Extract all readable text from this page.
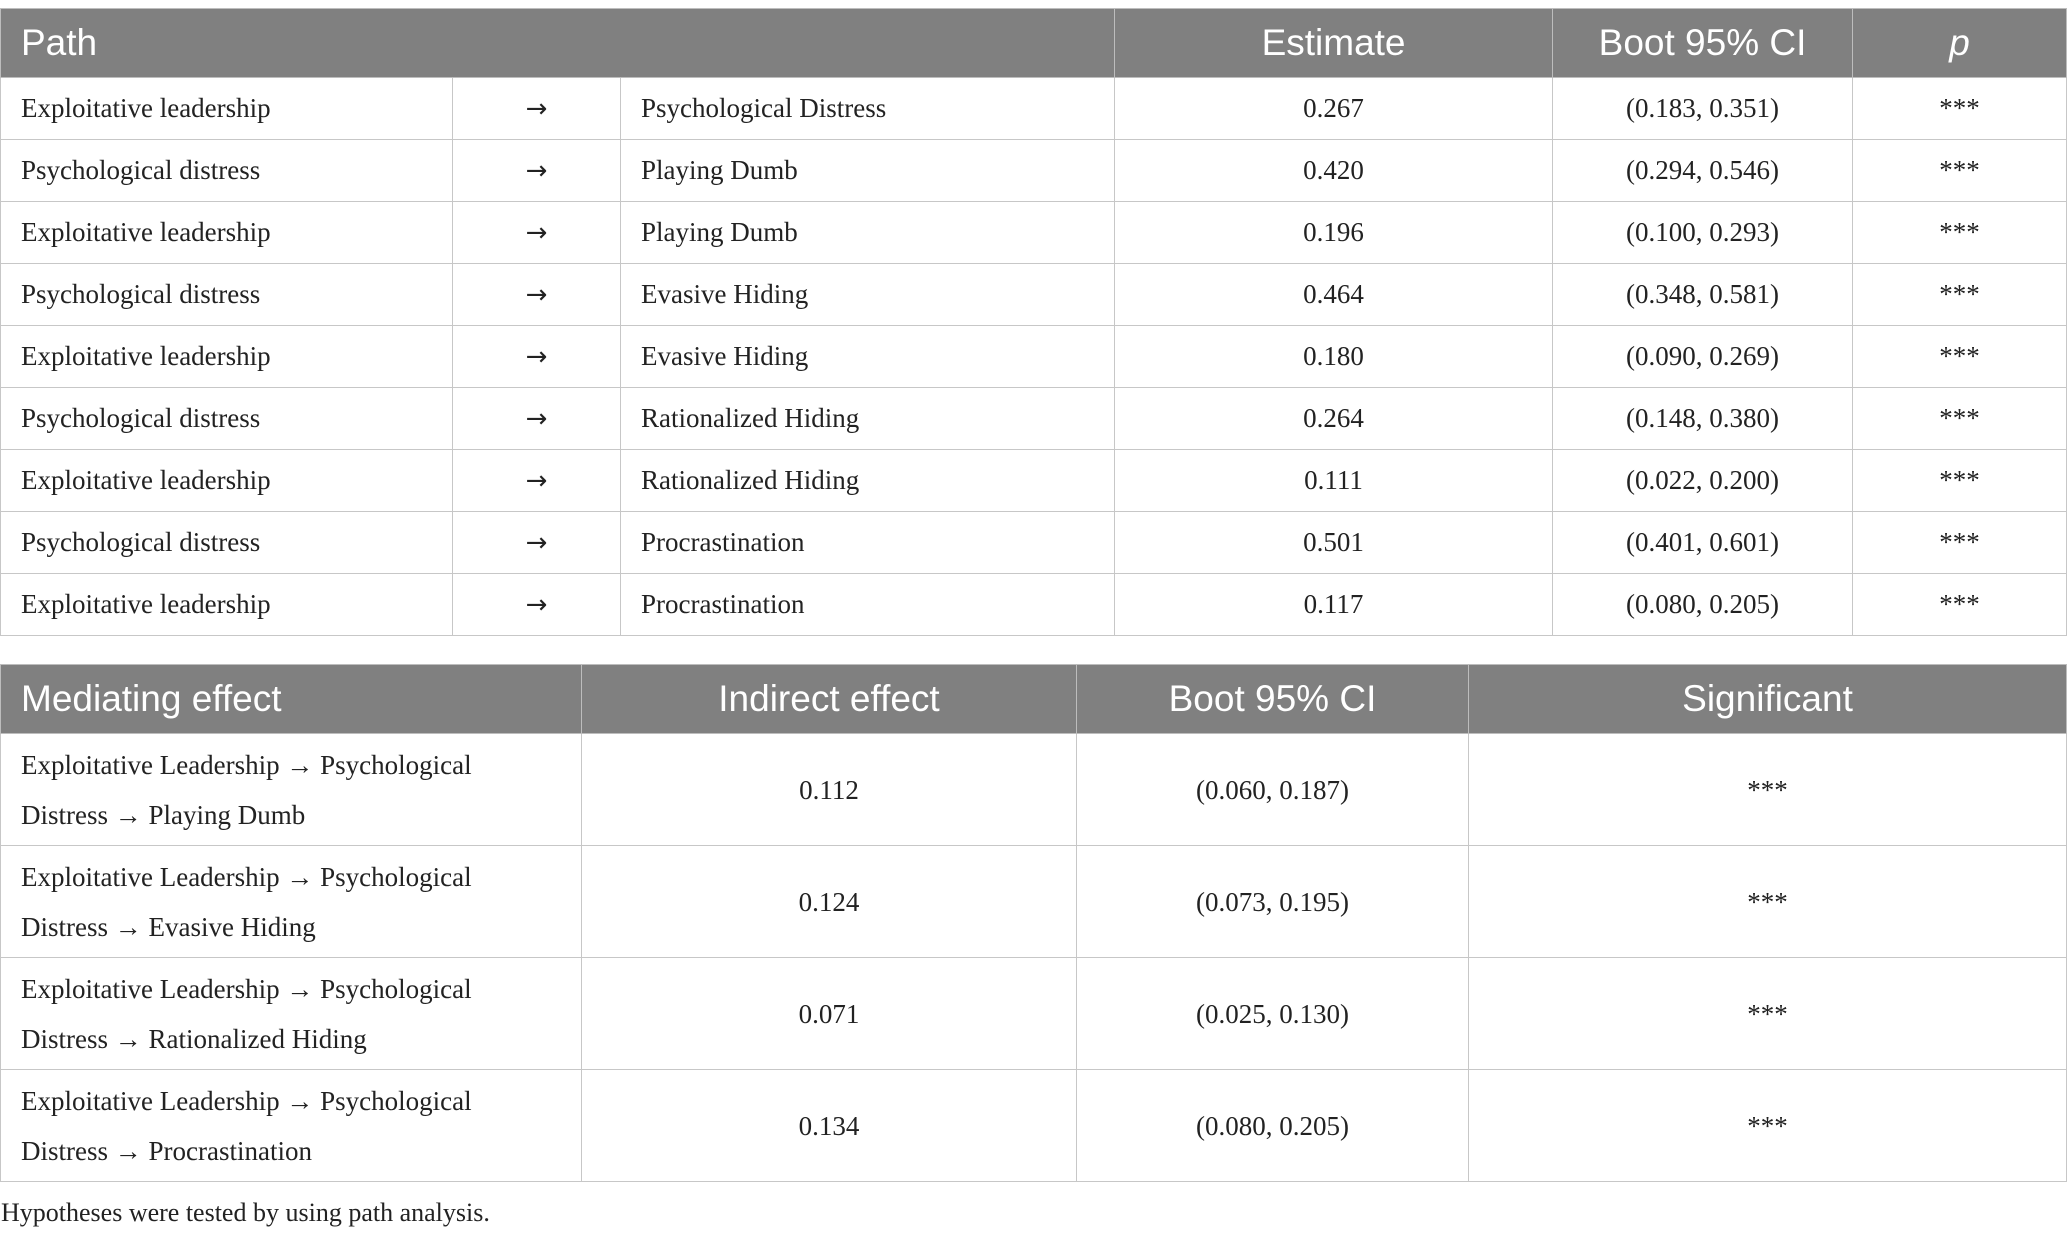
Path			Estimate	Boot 95% CI	p
Exploitative leadership	→	Psychological Distress	0.267	(0.183, 0.351)	***
Psychological distress	→	Playing Dumb	0.420	(0.294, 0.546)	***
Exploitative leadership	→	Playing Dumb	0.196	(0.100, 0.293)	***
Psychological distress	→	Evasive Hiding	0.464	(0.348, 0.581)	***
Exploitative leadership	→	Evasive Hiding	0.180	(0.090, 0.269)	***
Psychological distress	→	Rationalized Hiding	0.264	(0.148, 0.380)	***
Exploitative leadership	→	Rationalized Hiding	0.111	(0.022, 0.200)	***
Psychological distress	→	Procrastination	0.501	(0.401, 0.601)	***
Exploitative leadership	→	Procrastination	0.117	(0.080, 0.205)	***
Mediating effect	Indirect effect	Boot 95% CI	Significant
Exploitative Leadership → Psychological Distress → Playing Dumb	0.112	(0.060, 0.187)	***
Exploitative Leadership → Psychological Distress → Evasive Hiding	0.124	(0.073, 0.195)	***
Exploitative Leadership → Psychological Distress → Rationalized Hiding	0.071	(0.025, 0.130)	***
Exploitative Leadership → Psychological Distress → Procrastination	0.134	(0.080, 0.205)	***
Hypotheses were tested by using path analysis.
